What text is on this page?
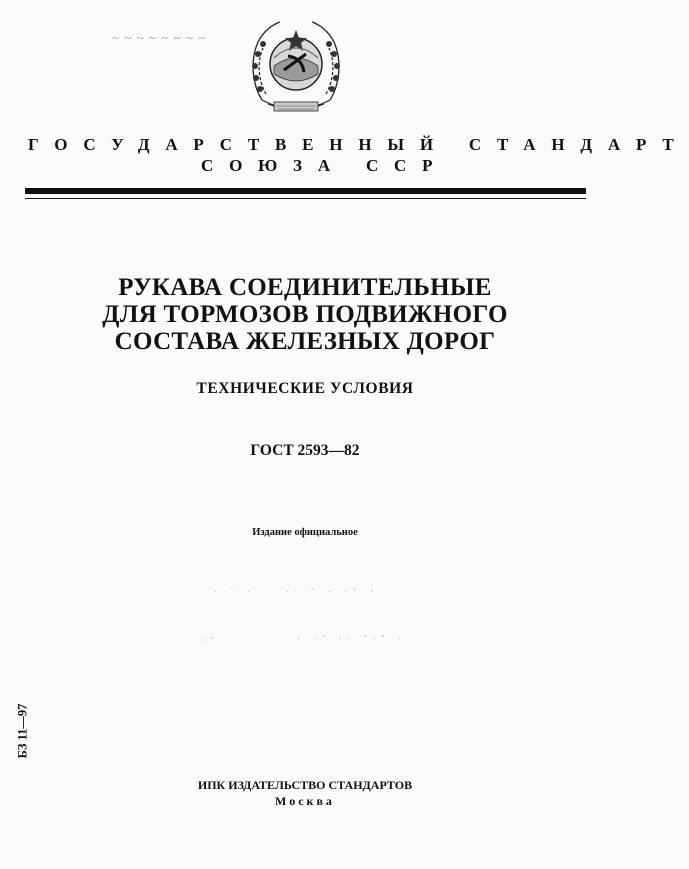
~ ~ ~ ~ ~ ~ ~ ~
ГОСУДАРСТВЕННЫЙ СТАНДАРТ
СОЮЗА ССР
РУКАВА СОЕДИНИТЕЛЬНЫЕ
ДЛЯ ТОРМОЗОВ ПОДВИЖНОГО
СОСТАВА ЖЕЛЕЗНЫХ ДОРОГ
ТЕХНИЧЕСКИЕ УСЛОВИЯ
ГОСТ 2593—82
Издание официальное
· ˙ ·	·· ˜ · ·˜ ·
·˜	· ·˜ ·· ˜·˜ ·
БЗ 11—97
ИПК ИЗДАТЕЛЬСТВО СТАНДАРТОВ
Москва
